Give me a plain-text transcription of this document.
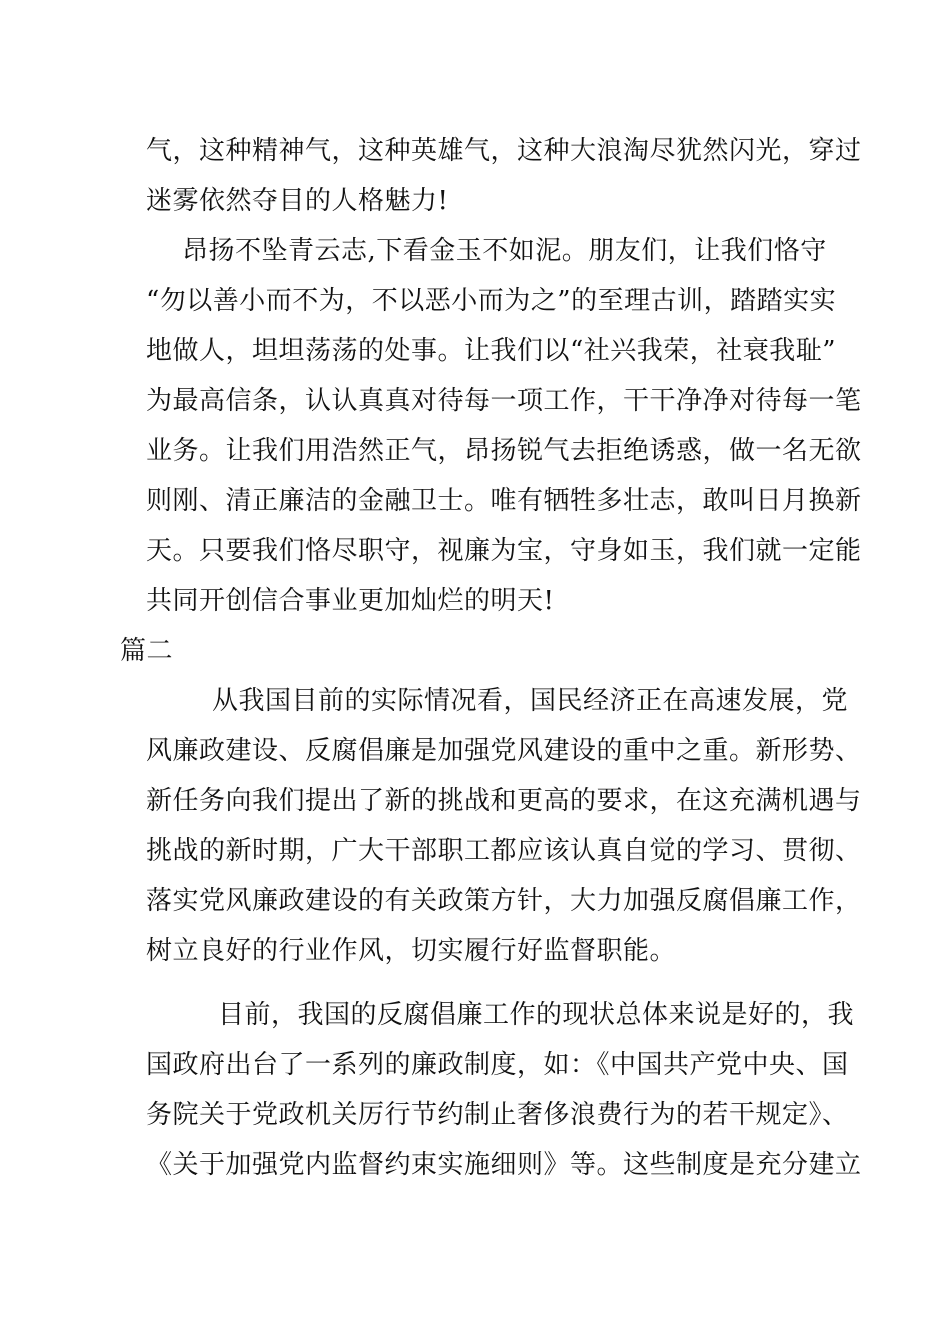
气，这种精神气，这种英雄气，这种大浪淘尽犹然闪光，穿过
迷雾依然夺目的人格魅力!
昂扬不坠青云志,下看金玉不如泥。朋友们，让我们恪守
“勿以善小而不为，不以恶小而为之”的至理古训，踏踏实实
地做人，坦坦荡荡的处事。让我们以“社兴我荣，社衰我耻”
为最高信条，认认真真对待每一项工作，干干净净对待每一笔
业务。让我们用浩然正气，昂扬锐气去拒绝诱惑，做一名无欲
则刚、清正廉洁的金融卫士。唯有牺牲多壮志，敢叫日月换新
天。只要我们恪尽职守，视廉为宝，守身如玉，我们就一定能
共同开创信合事业更加灿烂的明天!
篇二
从我国目前的实际情况看，国民经济正在高速发展，党
风廉政建设、反腐倡廉是加强党风建设的重中之重。新形势、
新任务向我们提出了新的挑战和更高的要求，在这充满机遇与
挑战的新时期，广大干部职工都应该认真自觉的学习、贯彻、
落实党风廉政建设的有关政策方针，大力加强反腐倡廉工作，
树立良好的行业作风，切实履行好监督职能。
目前，我国的反腐倡廉工作的现状总体来说是好的，我
国政府出台了一系列的廉政制度，如：《中国共产党中央、国
务院关于党政机关厉行节约制止奢侈浪费行为的若干规定》、
《关于加强党内监督约束实施细则》等。这些制度是充分建立
